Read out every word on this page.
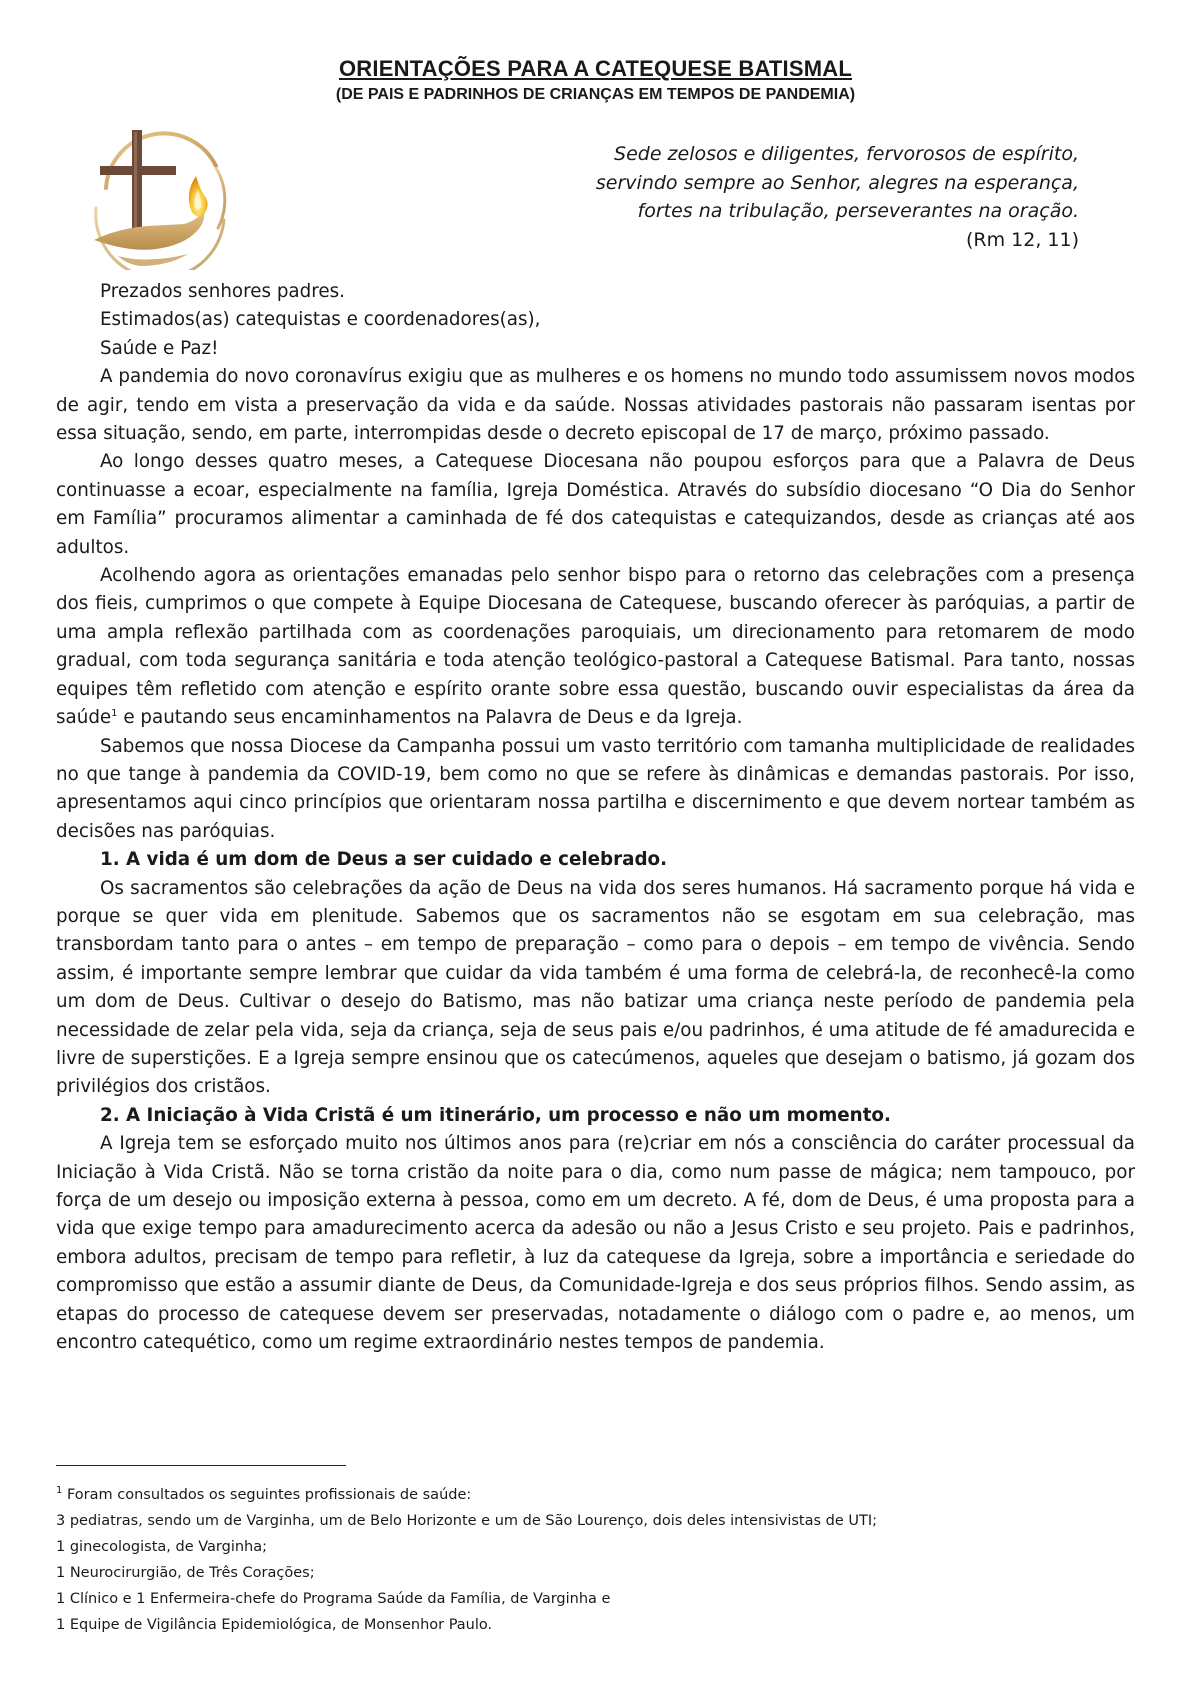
ORIENTAÇÕES PARA A CATEQUESE BATISMAL
(DE PAIS E PADRINHOS DE CRIANÇAS EM TEMPOS DE PANDEMIA)
Sede zelosos e diligentes, fervorosos de espírito,
servindo sempre ao Senhor, alegres na esperança,
fortes na tribulação, perseverantes na oração.
(Rm 12, 11)

Prezados senhores padres.

Estimados(as) catequistas e coordenadores(as),

Saúde e Paz!

A pandemia do novo coronavírus exigiu que as mulheres e os homens no mundo todo assumissem novos modos de agir, tendo em vista a preservação da vida e da saúde. Nossas atividades pastorais não passaram isentas por essa situação, sendo, em parte, interrompidas desde o decreto episcopal de 17 de março, próximo passado.

Ao longo desses quatro meses, a Catequese Diocesana não poupou esforços para que a Palavra de Deus continuasse a ecoar, especialmente na família, Igreja Doméstica. Através do subsídio diocesano “O Dia do Senhor em Família” procuramos alimentar a caminhada de fé dos catequistas e catequizandos, desde as crianças até aos adultos.

Acolhendo agora as orientações emanadas pelo senhor bispo para o retorno das celebrações com a presença dos fieis, cumprimos o que compete à Equipe Diocesana de Catequese, buscando oferecer às paróquias, a partir de uma ampla reflexão partilhada com as coordenações paroquiais, um direcionamento para retomarem de modo gradual, com toda segurança sanitária e toda atenção teológico-pastoral a Catequese Batismal. Para tanto, nossas equipes têm refletido com atenção e espírito orante sobre essa questão, buscando ouvir especialistas da área da saúde$^1$ e pautando seus encaminhamentos na Palavra de Deus e da Igreja.

Sabemos que nossa Diocese da Campanha possui um vasto território com tamanha multiplicidade de realidades no que tange à pandemia da COVID-19, bem como no que se refere às dinâmicas e demandas pastorais. Por isso, apresentamos aqui cinco princípios que orientaram nossa partilha e discernimento e que devem nortear também as decisões nas paróquias.

1. A vida é um dom de Deus a ser cuidado e celebrado.

Os sacramentos são celebrações da ação de Deus na vida dos seres humanos. Há sacramento porque há vida e porque se quer vida em plenitude. Sabemos que os sacramentos não se esgotam em sua celebração, mas transbordam tanto para o antes – em tempo de preparação – como para o depois – em tempo de vivência. Sendo assim, é importante sempre lembrar que cuidar da vida também é uma forma de celebrá-la, de reconhecê-la como um dom de Deus. Cultivar o desejo do Batismo, mas não batizar uma criança neste período de pandemia pela necessidade de zelar pela vida, seja da criança, seja de seus pais e/ou padrinhos, é uma atitude de fé amadurecida e livre de superstições. E a Igreja sempre ensinou que os catecúmenos, aqueles que desejam o batismo, já gozam dos privilégios dos cristãos.

2. A Iniciação à Vida Cristã é um itinerário, um processo e não um momento.

A Igreja tem se esforçado muito nos últimos anos para (re)criar em nós a consciência do caráter processual da Iniciação à Vida Cristã. Não se torna cristão da noite para o dia, como num passe de mágica; nem tampouco, por força de um desejo ou imposição externa à pessoa, como em um decreto. A fé, dom de Deus, é uma proposta para a vida que exige tempo para amadurecimento acerca da adesão ou não a Jesus Cristo e seu projeto. Pais e padrinhos, embora adultos, precisam de tempo para refletir, à luz da catequese da Igreja, sobre a importância e seriedade do compromisso que estão a assumir diante de Deus, da Comunidade-Igreja e dos seus próprios filhos. Sendo assim, as etapas do processo de catequese devem ser preservadas, notadamente o diálogo com o padre e, ao menos, um encontro catequético, como um regime extraordinário nestes tempos de pandemia.

$^1$ Foram consultados os seguintes profissionais de saúde:

3 pediatras, sendo um de Varginha, um de Belo Horizonte e um de São Lourenço, dois deles intensivistas de UTI;

1 ginecologista, de Varginha;

1 Neurocirurgião, de Três Corações;

1 Clínico e 1 Enfermeira-chefe do Programa Saúde da Família, de Varginha e

1 Equipe de Vigilância Epidemiológica, de Monsenhor Paulo.
